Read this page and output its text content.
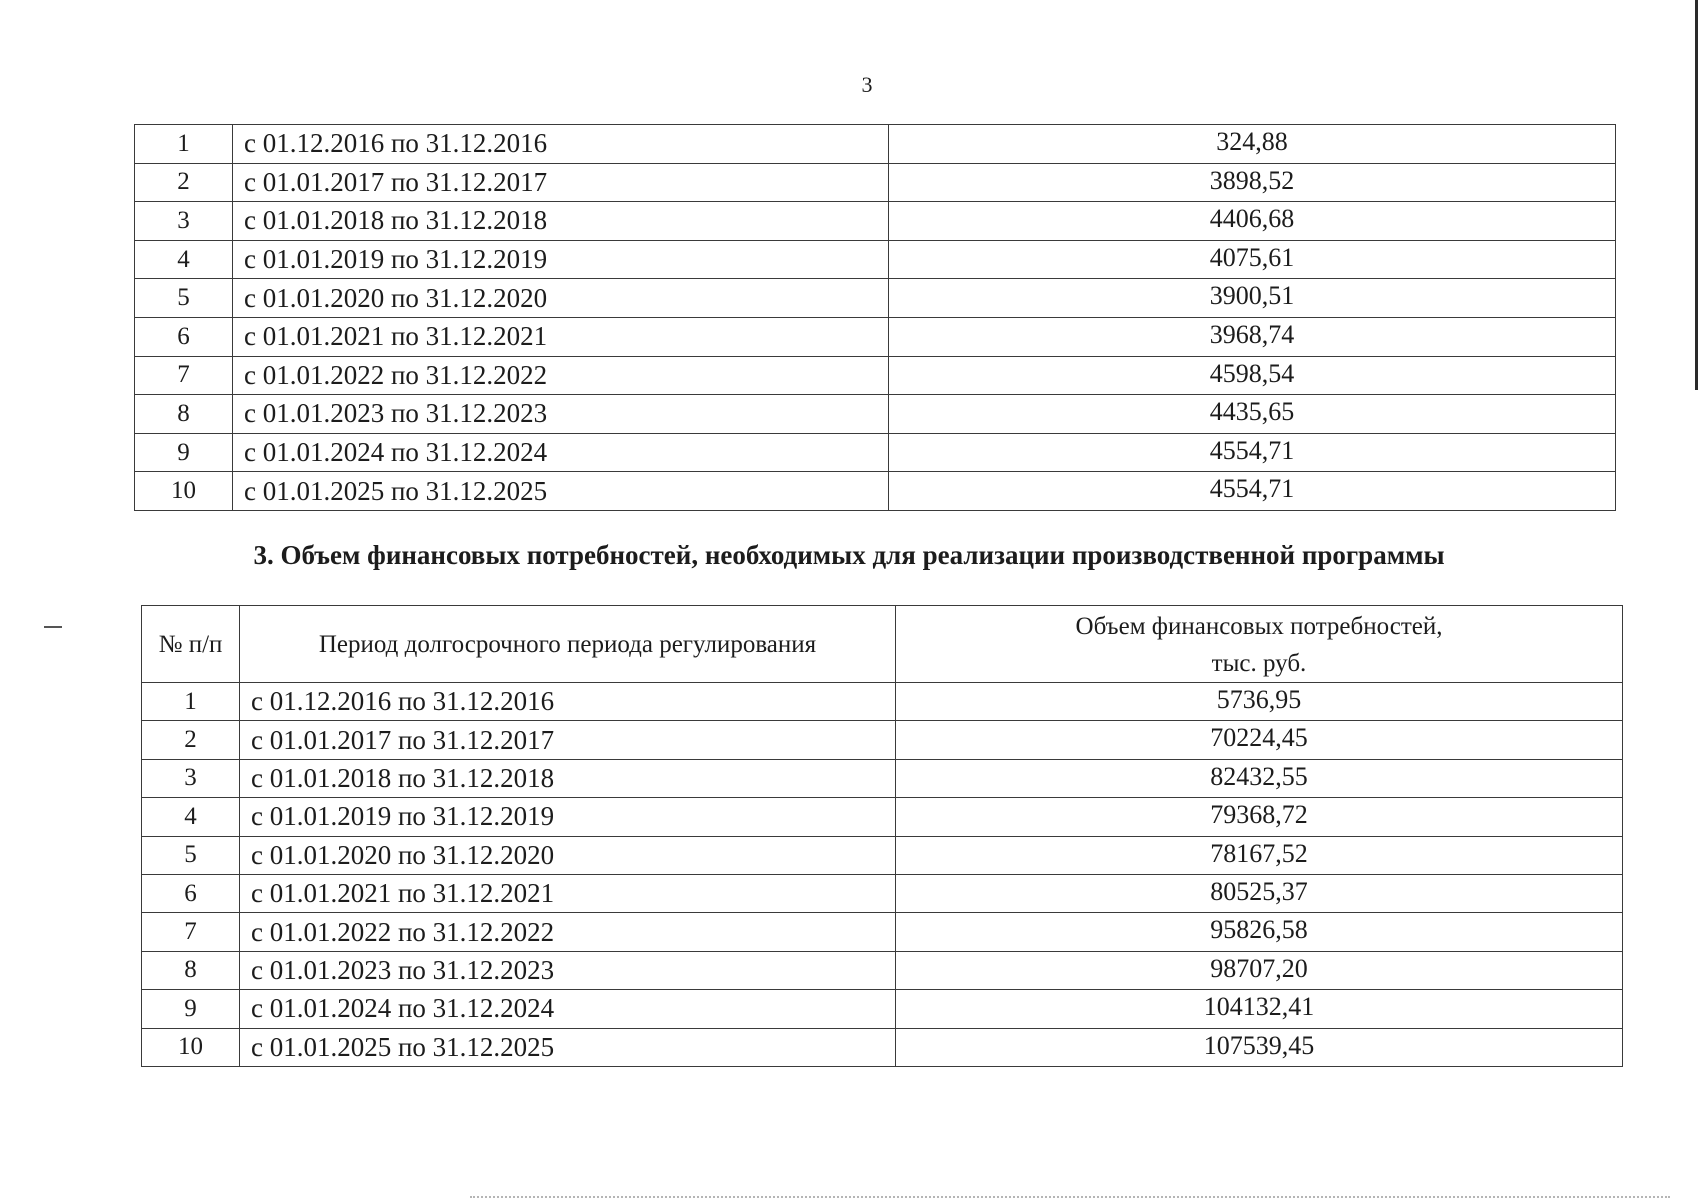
3
1	с 01.12.2016 по 31.12.2016	324,88
2	с 01.01.2017 по 31.12.2017	3898,52
3	с 01.01.2018 по 31.12.2018	4406,68
4	с 01.01.2019 по 31.12.2019	4075,61
5	с 01.01.2020 по 31.12.2020	3900,51
6	с 01.01.2021 по 31.12.2021	3968,74
7	с 01.01.2022 по 31.12.2022	4598,54
8	с 01.01.2023 по 31.12.2023	4435,65
9	с 01.01.2024 по 31.12.2024	4554,71
10	с 01.01.2025 по 31.12.2025	4554,71
3. Объем финансовых потребностей, необходимых для реализации производственной программы
№ п/п	Период долгосрочного периода регулирования	Объем финансовых потребностей,
тыс. руб.

1	с 01.12.2016 по 31.12.2016	5736,95
2	с 01.01.2017 по 31.12.2017	70224,45
3	с 01.01.2018 по 31.12.2018	82432,55
4	с 01.01.2019 по 31.12.2019	79368,72
5	с 01.01.2020 по 31.12.2020	78167,52
6	с 01.01.2021 по 31.12.2021	80525,37
7	с 01.01.2022 по 31.12.2022	95826,58
8	с 01.01.2023 по 31.12.2023	98707,20
9	с 01.01.2024 по 31.12.2024	104132,41
10	с 01.01.2025 по 31.12.2025	107539,45
